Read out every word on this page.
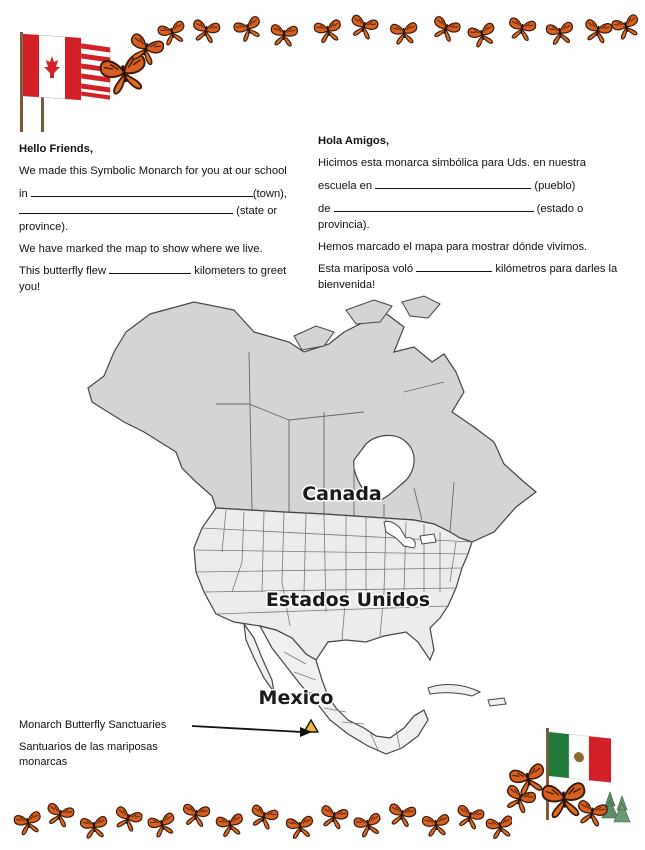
Hello Friends,

We made this Symbolic Monarch for you at our school

in	(town),
(state or province).

We have marked the map to show where we live.

This butterfly flew	kilometers to greet you!

Hola Amigos,

Hicimos esta monarca simbólica para Uds. en nuestra

escuela en	(pueblo)

de	(estado o provincia).

Hemos marcado el mapa para mostrar dónde vivimos.

Esta mariposa voló	kilómetros para darles la bienvenida!

Canada
Estados Unidos
Mexico
Monarch Butterfly Sanctuaries
Santuarios de las mariposas monarcas
